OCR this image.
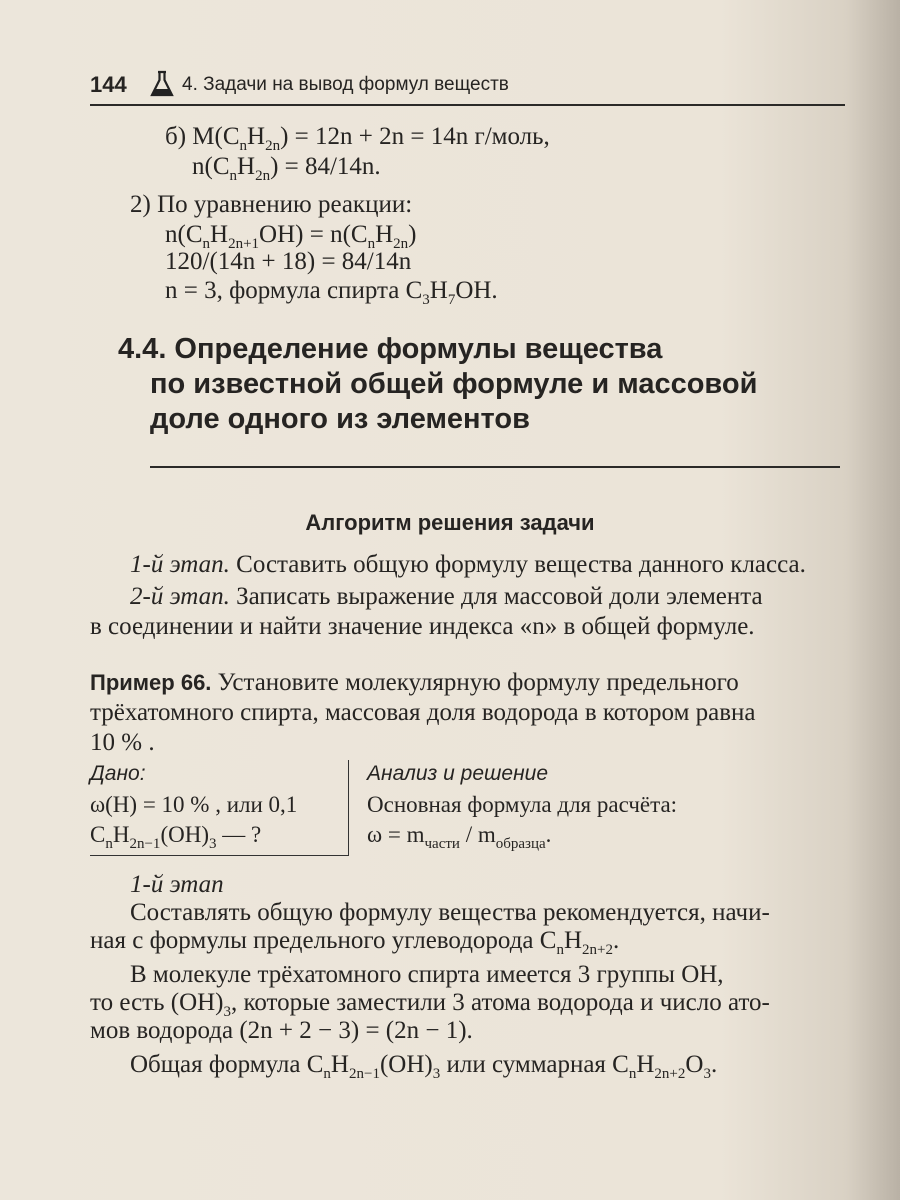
144	4. Задачи на вывод формул веществ
б) $M(C_nH_{2n}) = 12n + 2n = 14n$ г/моль,
$n(C_nH_{2n}) = 84/14n$.
2) По уравнению реакции:
$n(C_nH_{2n+1}OH) = n(C_nH_{2n})$
120/(14n + 18) = 84/14n
n = 3, формула спирта $C_3H_7OH$.
4.4. Определение формулы вещества
по известной общей формуле и массовой
доле одного из элементов
Алгоритм решения задачи
1-й этап. Составить общую формулу вещества данного класса.
2-й этап. Записать выражение для массовой доли элемента
в соединении и найти значение индекса «n» в общей формуле.
Пример 66. Установите молекулярную формулу предельного
трёхатомного спирта, массовая доля водорода в котором равна
10 % .
Дано:
ω(H) = 10 % , или 0,1
$C_nH_{2n-1}(OH)_3$ — ?
Анализ и решение
Основная формула для расчёта:
$\omega = m_{части} / m_{образца}$.
1-й этап
Составлять общую формулу вещества рекомендуется, начи-
ная с формулы предельного углеводорода $C_nH_{2n+2}$.
В молекуле трёхатомного спирта имеется 3 группы OH,
то есть $(OH)_3$, которые заместили 3 атома водорода и число ато-
мов водорода (2n + 2 − 3) = (2n − 1).
Общая формула $C_nH_{2n-1}(OH)_3$ или суммарная $C_nH_{2n+2}O_3$.
